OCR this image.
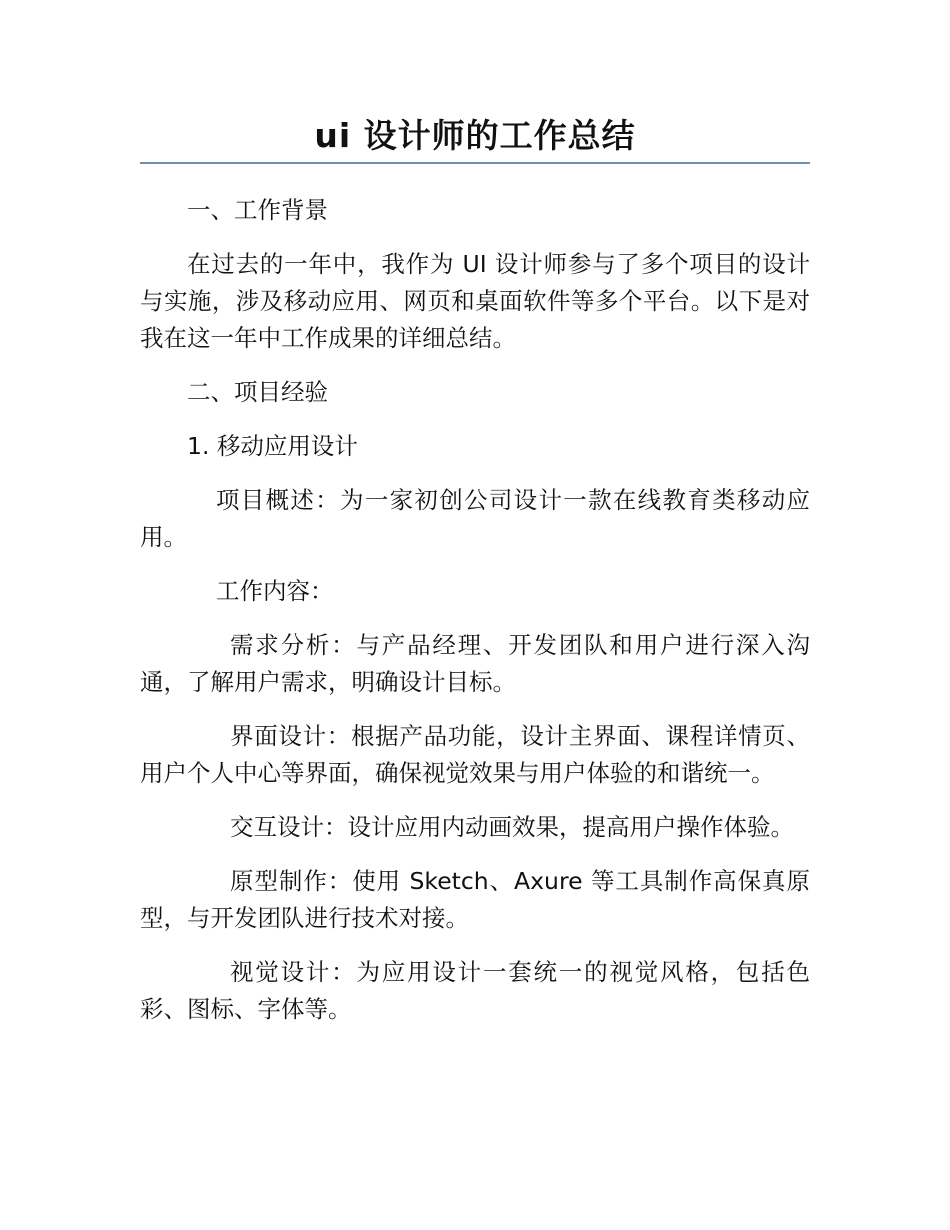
ui 设计师的工作总结

一、工作背景

在过去的一年中，我作为 UI 设计师参与了多个项目的设计与实施，涉及移动应用、网页和桌面软件等多个平台。以下是对我在这一年中工作成果的详细总结。

二、项目经验

1. 移动应用设计

项目概述：为一家初创公司设计一款在线教育类移动应用。

工作内容：

需求分析：与产品经理、开发团队和用户进行深入沟通，了解用户需求，明确设计目标。

界面设计：根据产品功能，设计主界面、课程详情页、用户个人中心等界面，确保视觉效果与用户体验的和谐统一。

交互设计：设计应用内动画效果，提高用户操作体验。

原型制作：使用 Sketch、Axure 等工具制作高保真原型，与开发团队进行技术对接。

视觉设计：为应用设计一套统一的视觉风格，包括色彩、图标、字体等。
